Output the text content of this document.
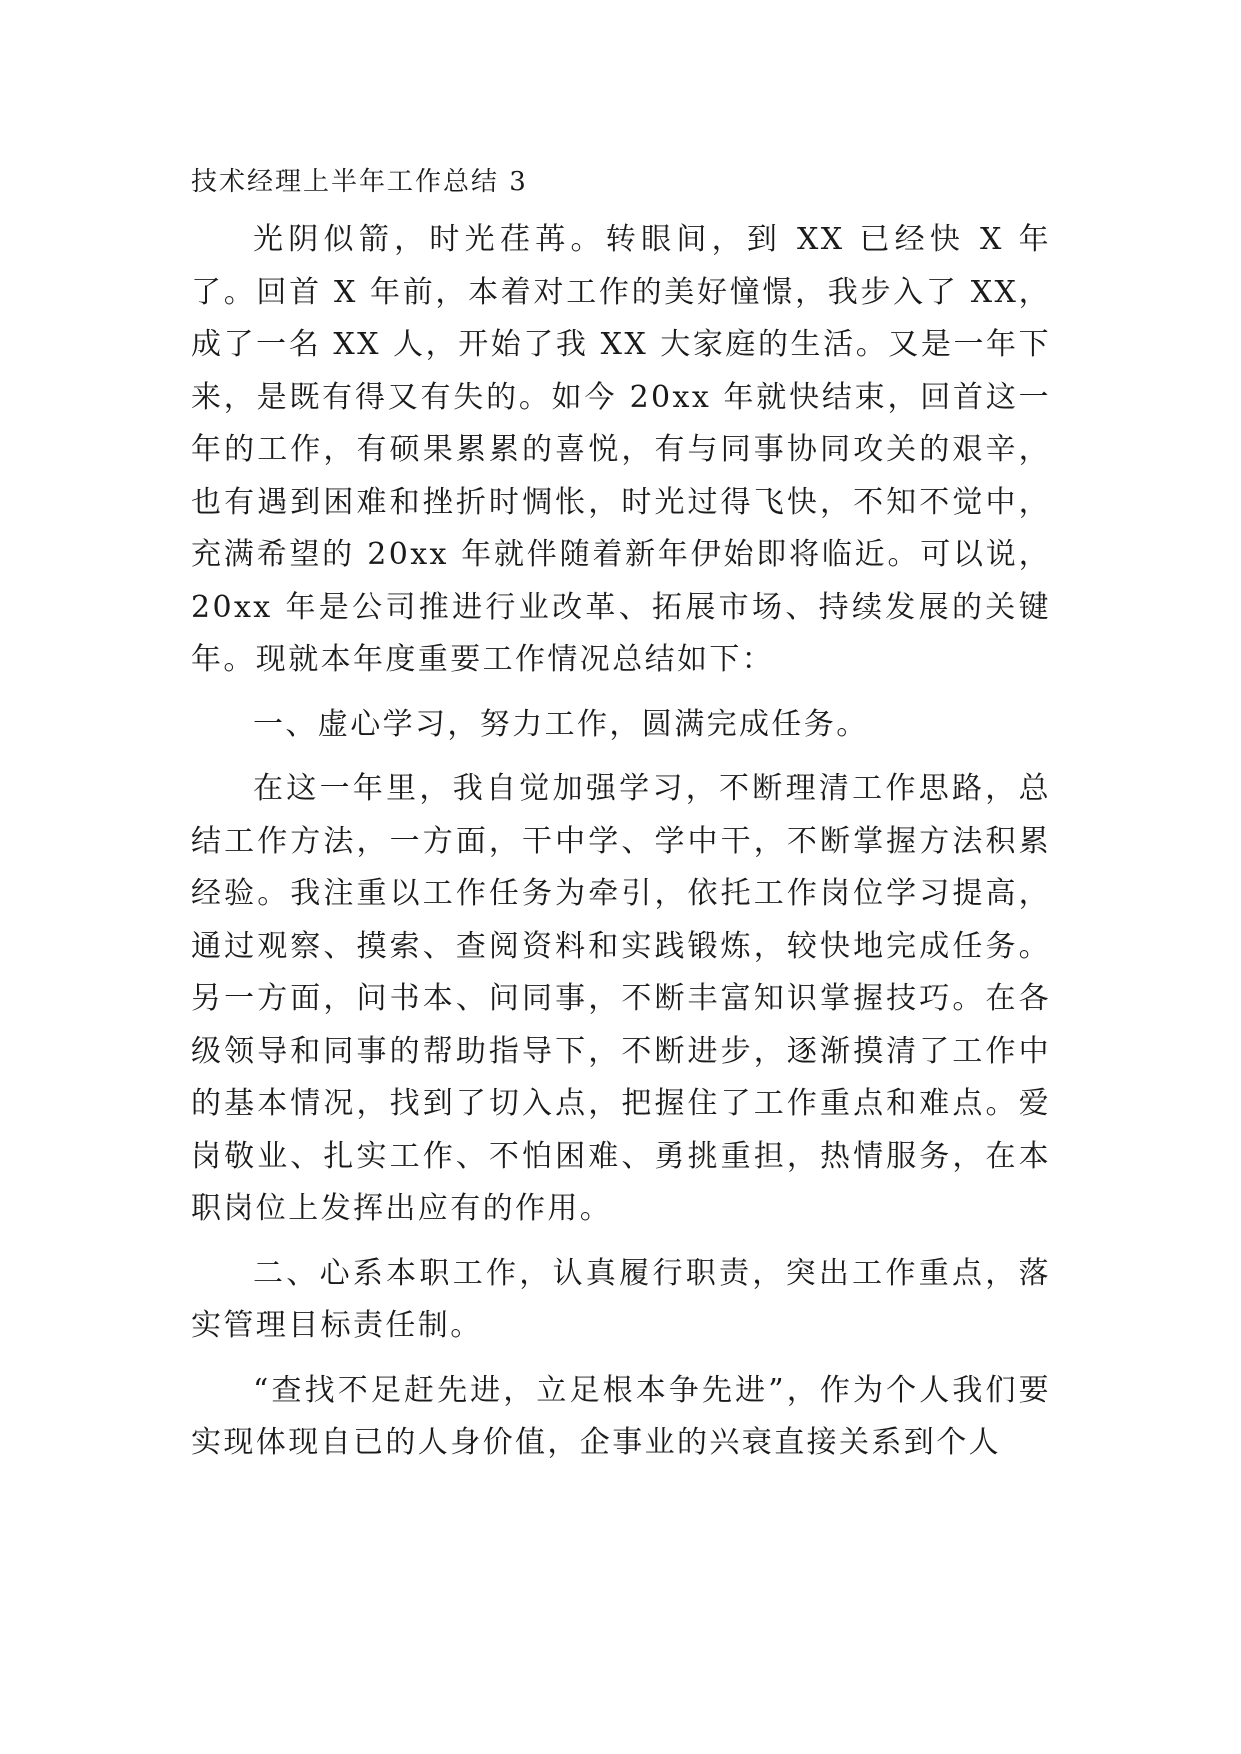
技术经理上半年工作总结 3

光阴似箭，时光荏苒。转眼间，到 XX 已经快 X 年了。回首 X 年前，本着对工作的美好憧憬，我步入了 XX，成了一名 XX 人，开始了我 XX 大家庭的生活。又是一年下来，是既有得又有失的。如今 20xx 年就快结束，回首这一年的工作，有硕果累累的喜悦，有与同事协同攻关的艰辛，也有遇到困难和挫折时惆怅，时光过得飞快，不知不觉中，充满希望的 20xx 年就伴随着新年伊始即将临近。可以说，20xx 年是公司推进行业改革、拓展市场、持续发展的关键年。现就本年度重要工作情况总结如下：

一、虚心学习，努力工作，圆满完成任务。

在这一年里，我自觉加强学习，不断理清工作思路，总结工作方法，一方面，干中学、学中干，不断掌握方法积累经验。我注重以工作任务为牵引，依托工作岗位学习提高，通过观察、摸索、查阅资料和实践锻炼，较快地完成任务。另一方面，问书本、问同事，不断丰富知识掌握技巧。在各级领导和同事的帮助指导下，不断进步，逐渐摸清了工作中的基本情况，找到了切入点，把握住了工作重点和难点。爱岗敬业、扎实工作、不怕困难、勇挑重担，热情服务，在本职岗位上发挥出应有的作用。

二、心系本职工作，认真履行职责，突出工作重点，落实管理目标责任制。

“查找不足赶先进，立足根本争先进”，作为个人我们要实现体现自已的人身价值，企事业的兴衰直接关系到个人
